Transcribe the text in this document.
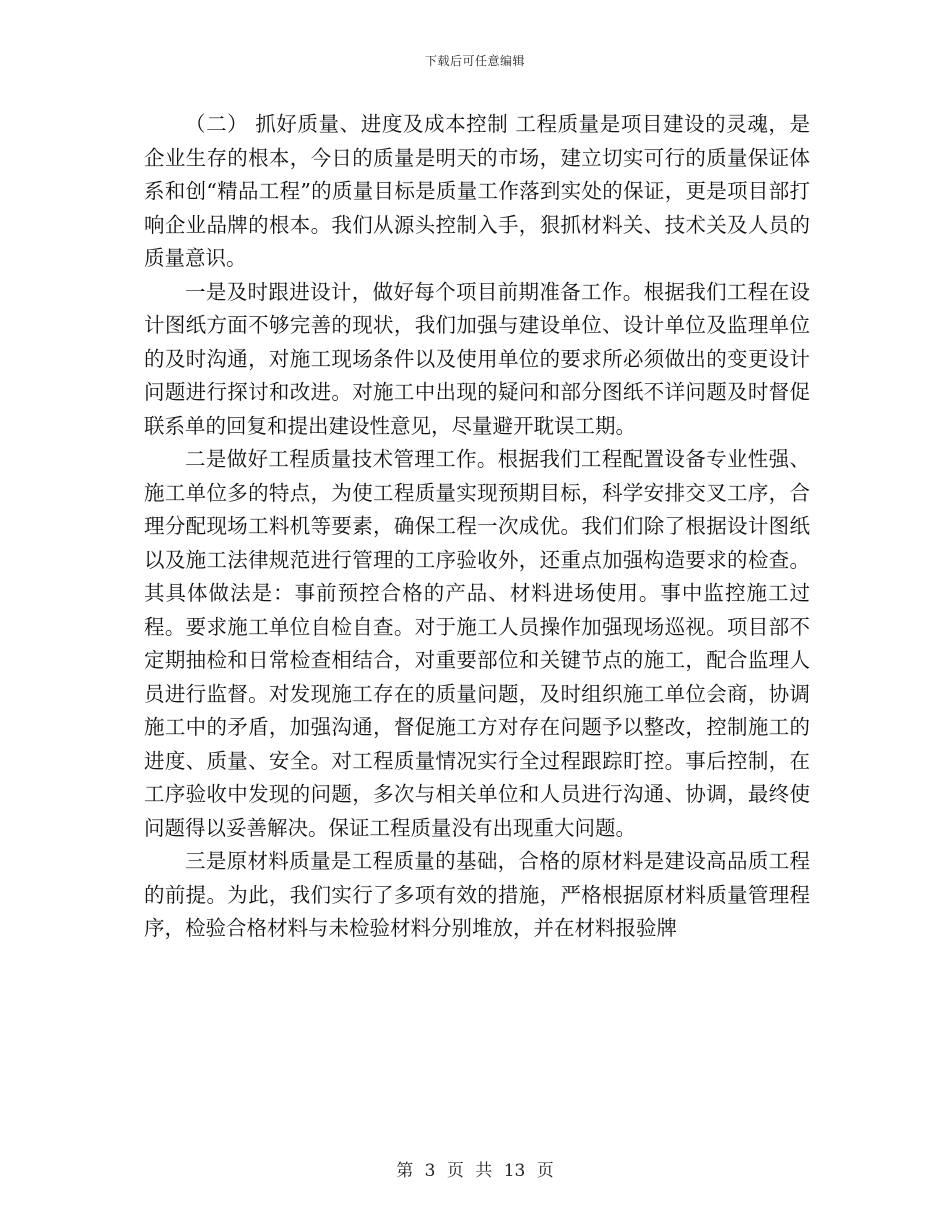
下载后可任意编辑

（二） 抓好质量、进度及成本控制 工程质量是项目建设的灵魂，是企业生存的根本，今日的质量是明天的市场，建立切实可行的质量保证体系和创“精品工程”的质量目标是质量工作落到实处的保证，更是项目部打响企业品牌的根本。我们从源头控制入手，狠抓材料关、技术关及人员的质量意识。

一是及时跟进设计，做好每个项目前期准备工作。根据我们工程在设计图纸方面不够完善的现状，我们加强与建设单位、设计单位及监理单位的及时沟通，对施工现场条件以及使用单位的要求所必须做出的变更设计问题进行探讨和改进。对施工中出现的疑问和部分图纸不详问题及时督促联系单的回复和提出建设性意见，尽量避开耽误工期。

二是做好工程质量技术管理工作。根据我们工程配置设备专业性强、施工单位多的特点，为使工程质量实现预期目标，科学安排交叉工序，合理分配现场工料机等要素，确保工程一次成优。我们们除了根据设计图纸以及施工法律规范进行管理的工序验收外，还重点加强构造要求的检查。其具体做法是：事前预控合格的产品、材料进场使用。事中监控施工过程。要求施工单位自检自查。对于施工人员操作加强现场巡视。项目部不定期抽检和日常检查相结合，对重要部位和关键节点的施工，配合监理人员进行监督。对发现施工存在的质量问题，及时组织施工单位会商，协调施工中的矛盾，加强沟通，督促施工方对存在问题予以整改，控制施工的进度、质量、安全。对工程质量情况实行全过程跟踪盯控。事后控制，在工序验收中发现的问题，多次与相关单位和人员进行沟通、协调，最终使问题得以妥善解决。保证工程质量没有出现重大问题。

三是原材料质量是工程质量的基础，合格的原材料是建设高品质工程的前提。为此，我们实行了多项有效的措施，严格根据原材料质量管理程序，检验合格材料与未检验材料分别堆放，并在材料报验牌

第 3 页 共 13 页
